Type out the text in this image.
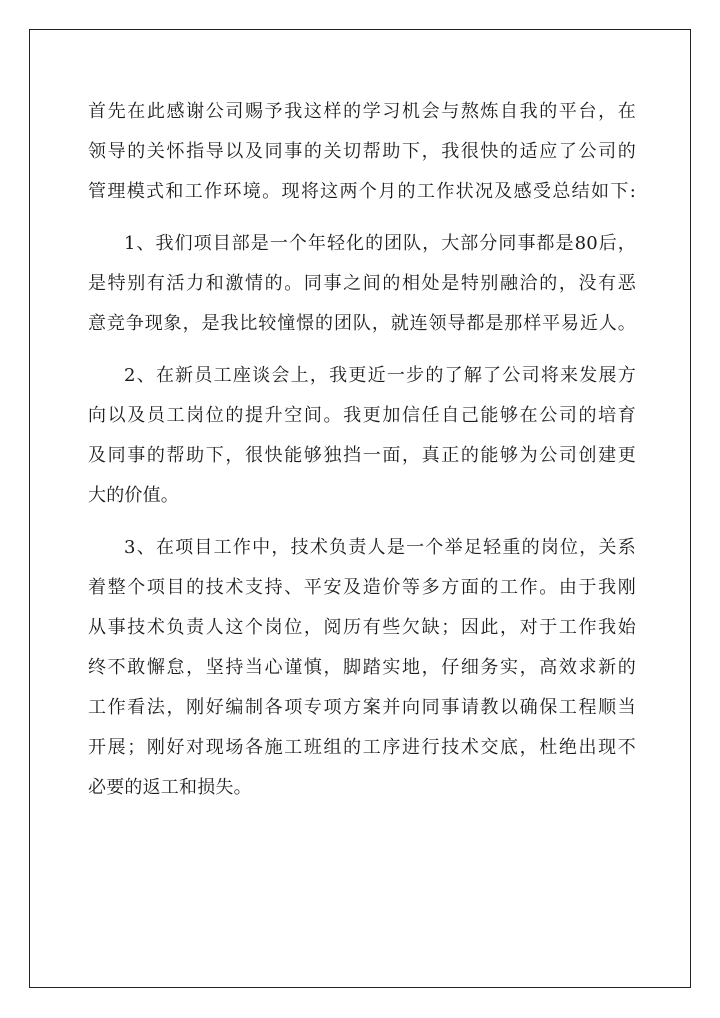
首先在此感谢公司赐予我这样的学习机会与熬炼自我的平台，在
领导的关怀指导以及同事的关切帮助下，我很快的适应了公司的
管理模式和工作环境。现将这两个月的工作状况及感受总结如下:
1、我们项目部是一个年轻化的团队，大部分同事都是80后，
是特别有活力和激情的。同事之间的相处是特别融洽的，没有恶
意竞争现象，是我比较憧憬的团队，就连领导都是那样平易近人。
2、在新员工座谈会上，我更近一步的了解了公司将来发展方
向以及员工岗位的提升空间。我更加信任自己能够在公司的培育
及同事的帮助下，很快能够独挡一面，真正的能够为公司创建更
大的价值。
3、在项目工作中，技术负责人是一个举足轻重的岗位，关系
着整个项目的技术支持、平安及造价等多方面的工作。由于我刚
从事技术负责人这个岗位，阅历有些欠缺；因此，对于工作我始
终不敢懈怠，坚持当心谨慎，脚踏实地，仔细务实，高效求新的
工作看法，刚好编制各项专项方案并向同事请教以确保工程顺当
开展；刚好对现场各施工班组的工序进行技术交底，杜绝出现不
必要的返工和损失。
